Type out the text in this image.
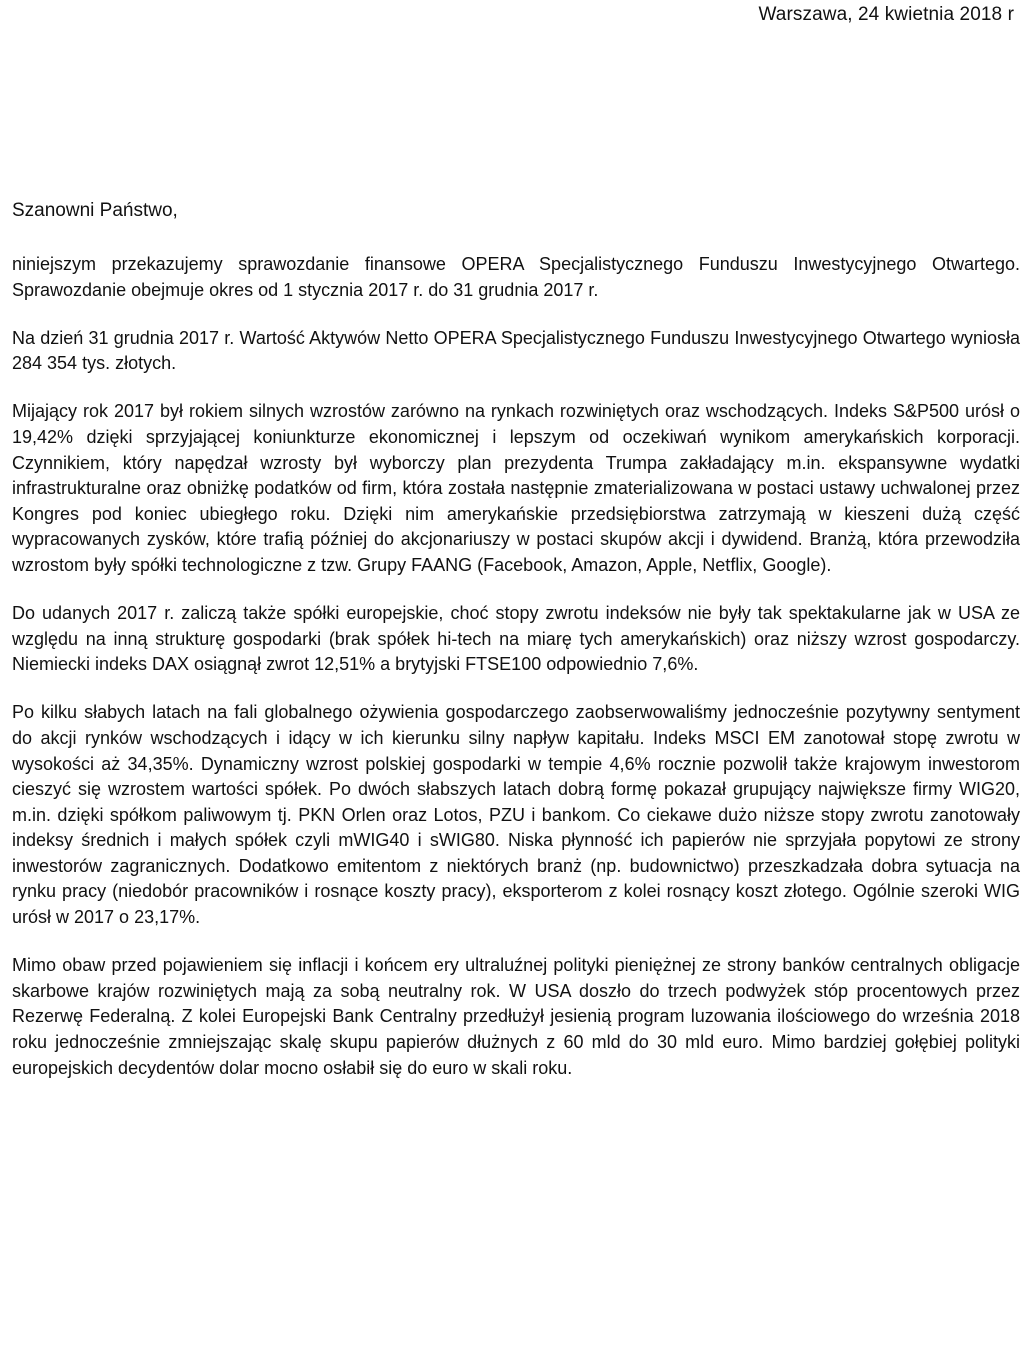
Warszawa, 24 kwietnia 2018 r
Szanowni Państwo,

niniejszym przekazujemy sprawozdanie finansowe OPERA Specjalistycznego Funduszu Inwestycyjnego Otwartego. Sprawozdanie obejmuje okres od 1 stycznia 2017 r. do 31 grudnia 2017 r.

Na dzień 31 grudnia 2017 r. Wartość Aktywów Netto OPERA Specjalistycznego Funduszu Inwestycyjnego Otwartego wyniosła 284 354 tys. złotych.

Mijający rok 2017 był rokiem silnych wzrostów zarówno na rynkach rozwiniętych oraz wschodzących. Indeks S&P500 urósł o 19,42% dzięki sprzyjającej koniunkturze ekonomicznej i lepszym od oczekiwań wynikom amerykańskich korporacji. Czynnikiem, który napędzał wzrosty był wyborczy plan prezydenta Trumpa zakładający m.in. ekspansywne wydatki infrastrukturalne oraz obniżkę podatków od firm, która została następnie zmaterializowana w postaci ustawy uchwalonej przez Kongres pod koniec ubiegłego roku. Dzięki nim amerykańskie przedsiębiorstwa zatrzymają w kieszeni dużą część wypracowanych zysków, które trafią później do akcjonariuszy w postaci skupów akcji i dywidend. Branżą, która przewodziła wzrostom były spółki technologiczne z tzw. Grupy FAANG (Facebook, Amazon, Apple, Netflix, Google).

Do udanych 2017 r. zaliczą także spółki europejskie, choć stopy zwrotu indeksów nie były tak spektakularne jak w USA ze względu na inną strukturę gospodarki (brak spółek hi-tech na miarę tych amerykańskich) oraz niższy wzrost gospodarczy. Niemiecki indeks DAX osiągnął zwrot 12,51% a brytyjski FTSE100 odpowiednio 7,6%.

Po kilku słabych latach na fali globalnego ożywienia gospodarczego zaobserwowaliśmy jednocześnie pozytywny sentyment do akcji rynków wschodzących i idący w ich kierunku silny napływ kapitału. Indeks MSCI EM zanotował stopę zwrotu w wysokości aż 34,35%. Dynamiczny wzrost polskiej gospodarki w tempie 4,6% rocznie pozwolił także krajowym inwestorom cieszyć się wzrostem wartości spółek. Po dwóch słabszych latach dobrą formę pokazał grupujący największe firmy WIG20, m.in. dzięki spółkom paliwowym tj. PKN Orlen oraz Lotos, PZU i bankom. Co ciekawe dużo niższe stopy zwrotu zanotowały indeksy średnich i małych spółek czyli mWIG40 i sWIG80. Niska płynność ich papierów nie sprzyjała popytowi ze strony inwestorów zagranicznych. Dodatkowo emitentom z niektórych branż (np. budownictwo) przeszkadzała dobra sytuacja na rynku pracy (niedobór pracowników i rosnące koszty pracy), eksporterom z kolei rosnący koszt złotego. Ogólnie szeroki WIG urósł w 2017 o 23,17%.

Mimo obaw przed pojawieniem się inflacji i końcem ery ultraluźnej polityki pieniężnej ze strony banków centralnych obligacje skarbowe krajów rozwiniętych mają za sobą neutralny rok. W USA doszło do trzech podwyżek stóp procentowych przez Rezerwę Federalną. Z kolei Europejski Bank Centralny przedłużył jesienią program luzowania ilościowego do września 2018 roku jednocześnie zmniejszając skalę skupu papierów dłużnych z 60 mld do 30 mld euro. Mimo bardziej gołębiej polityki europejskich decydentów dolar mocno osłabił się do euro w skali roku.
